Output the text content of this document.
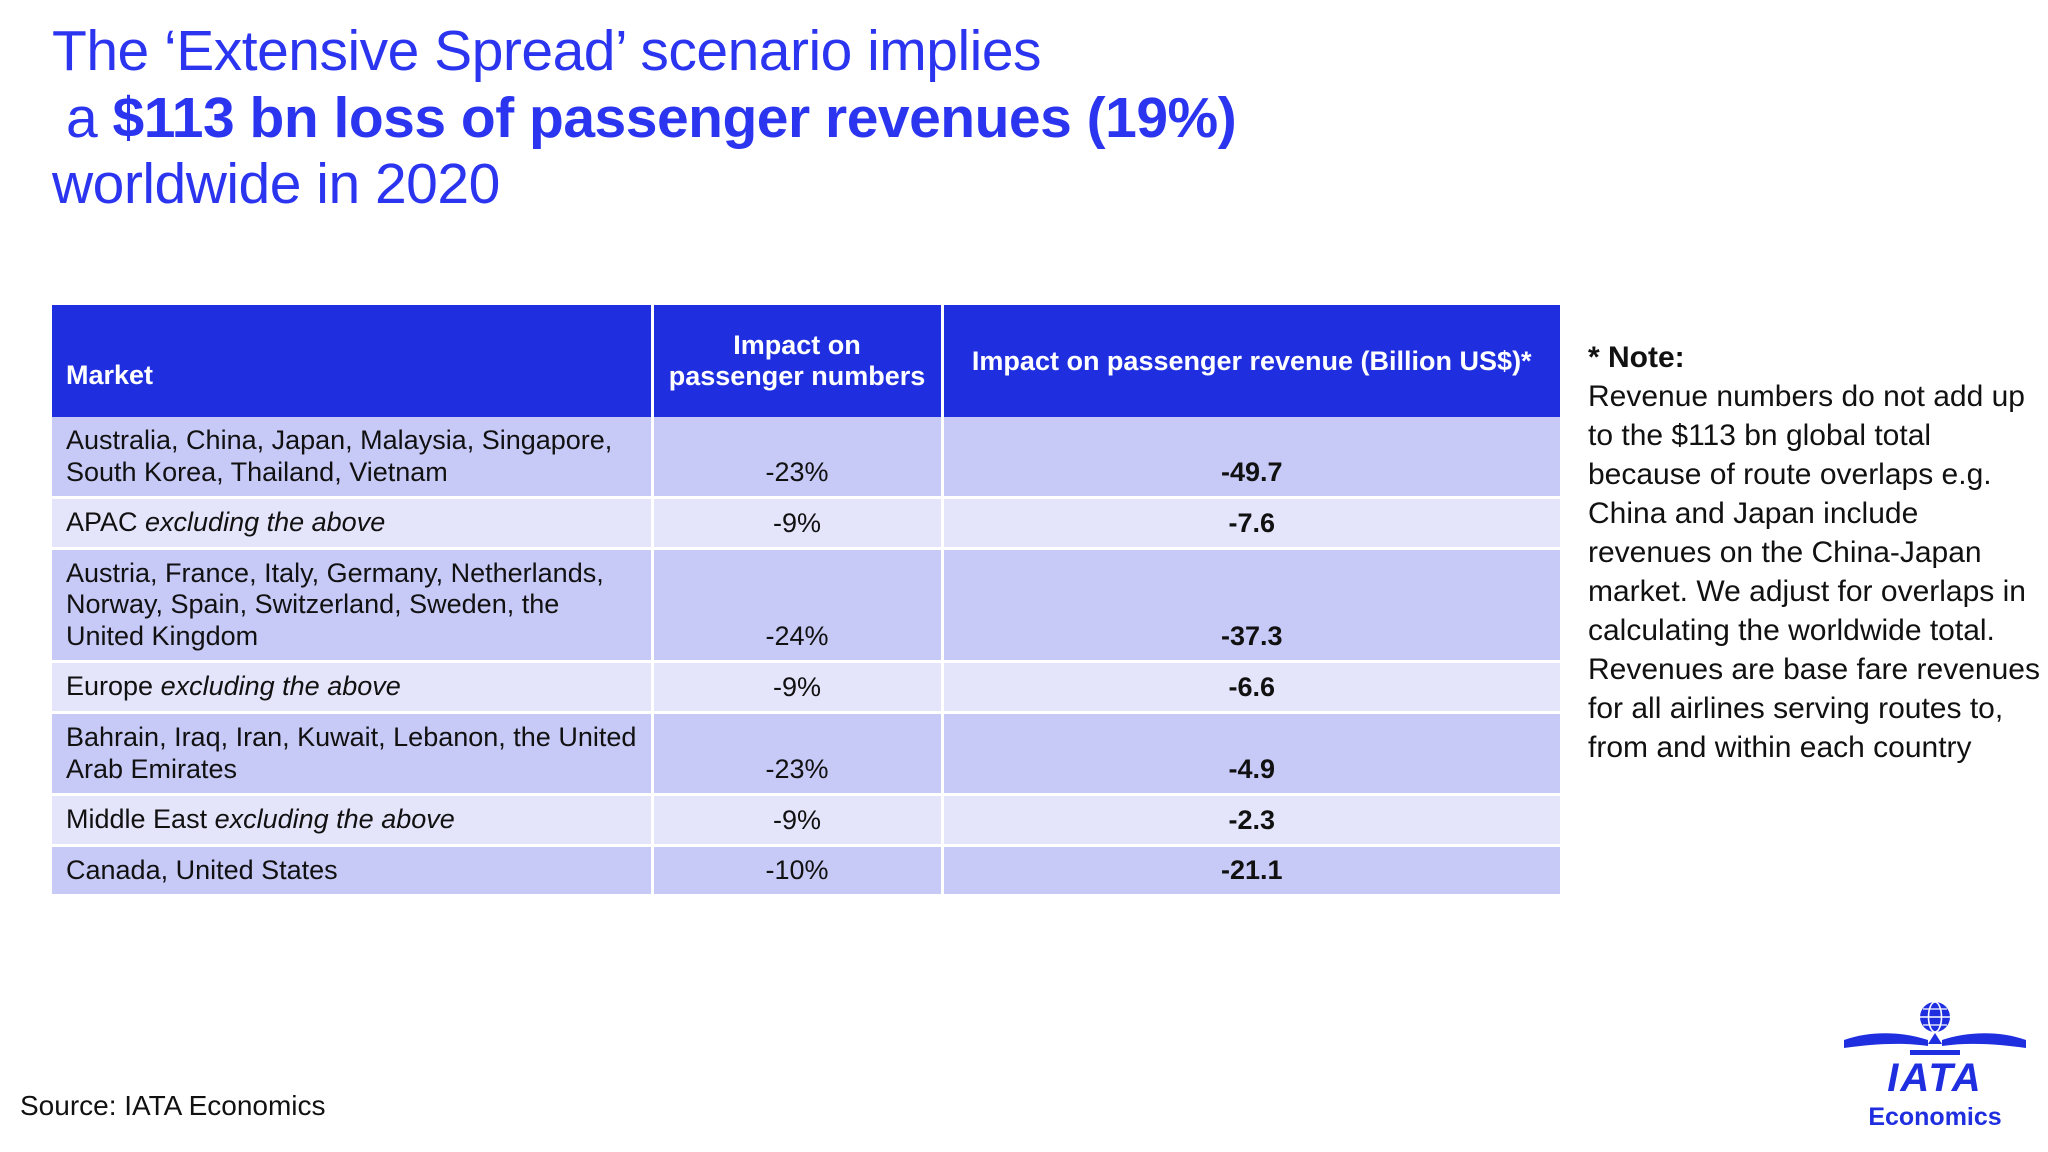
The ‘Extensive Spread’ scenario implies
a $113 bn loss of passenger revenues (19%)
worldwide in 2020
Market	Impact on passenger numbers	Impact on passenger revenue (Billion US$)*
Australia, China, Japan, Malaysia, Singapore, South Korea, Thailand, Vietnam	-23%	-49.7
APAC excluding the above	-9%	-7.6
Austria, France, Italy, Germany, Netherlands, Norway, Spain, Switzerland, Sweden, the United Kingdom	-24%	-37.3
Europe excluding the above	-9%	-6.6
Bahrain, Iraq, Iran, Kuwait, Lebanon, the United Arab Emirates	-23%	-4.9
Middle East excluding the above	-9%	-2.3
Canada, United States	-10%	-21.1
* Note:
Revenue numbers do not add up to the $113 bn global total because of route overlaps e.g. China and Japan include revenues on the China-Japan market. We adjust for overlaps in calculating the worldwide total. Revenues are base fare revenues for all airlines serving routes to, from and within each country
Source: IATA Economics
IATA
Economics
